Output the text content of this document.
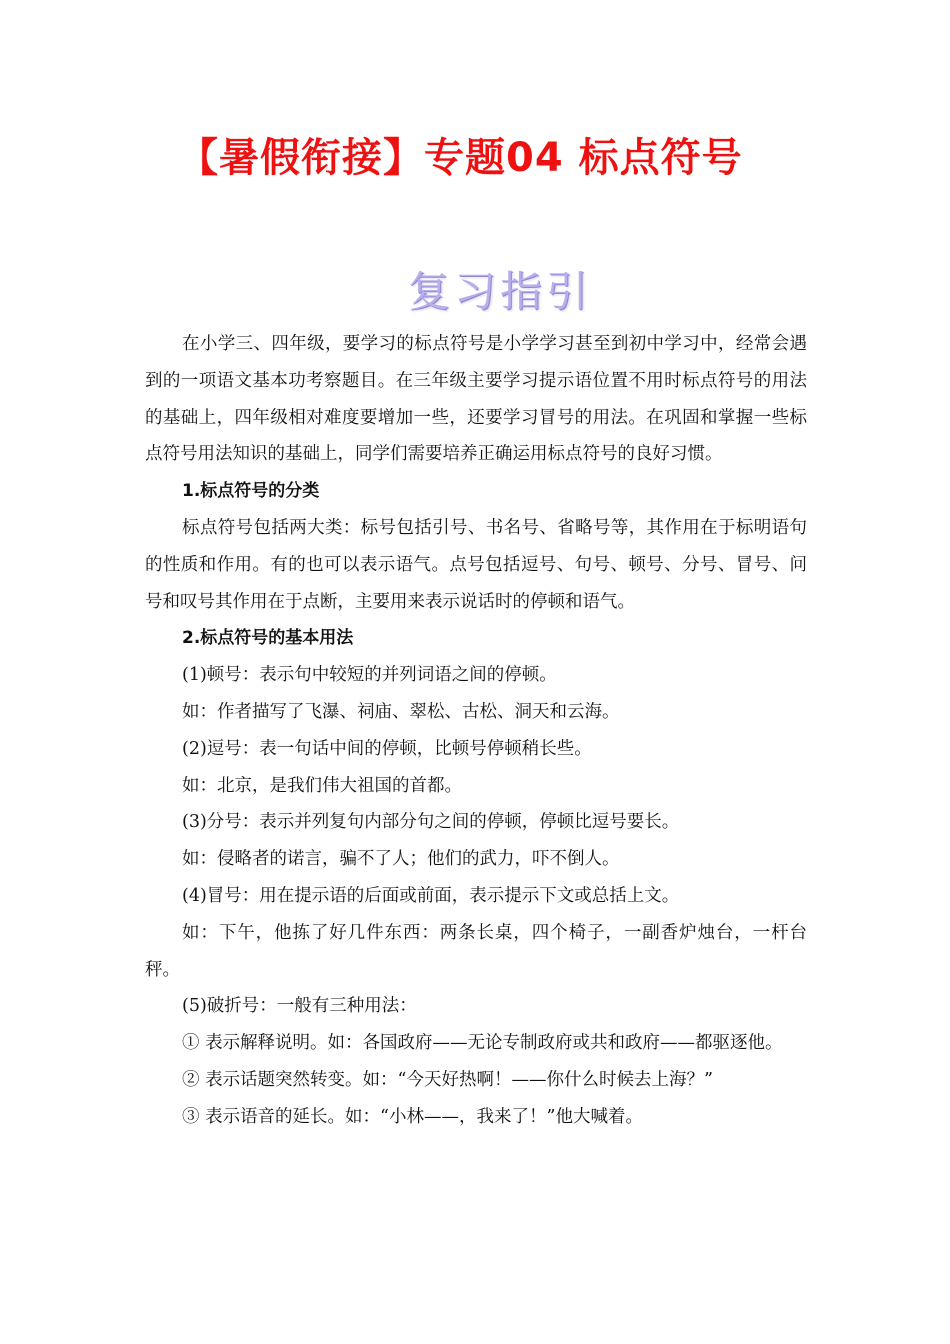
【暑假衔接】专题04 标点符号
复习指引

在小学三、四年级，要学习的标点符号是小学学习甚至到初中学习中，经常会遇到的一项语文基本功考察题目。在三年级主要学习提示语位置不用时标点符号的用法的基础上，四年级相对难度要增加一些，还要学习冒号的用法。在巩固和掌握一些标点符号用法知识的基础上，同学们需要培养正确运用标点符号的良好习惯。

1.标点符号的分类

标点符号包括两大类：标号包括引号、书名号、省略号等，其作用在于标明语句的性质和作用。有的也可以表示语气。点号包括逗号、句号、顿号、分号、冒号、问号和叹号其作用在于点断，主要用来表示说话时的停顿和语气。

2.标点符号的基本用法

(1)顿号：表示句中较短的并列词语之间的停顿。

如：作者描写了飞瀑、祠庙、翠松、古松、洞天和云海。

(2)逗号：表一句话中间的停顿，比顿号停顿稍长些。

如：北京，是我们伟大祖国的首都。

(3)分号：表示并列复句内部分句之间的停顿，停顿比逗号要长。

如：侵略者的诺言，骗不了人；他们的武力，吓不倒人。

(4)冒号：用在提示语的后面或前面，表示提示下文或总括上文。

如：下午，他拣了好几件东西：两条长桌，四个椅子，一副香炉烛台，一杆台秤。

(5)破折号：一般有三种用法：

① 表示解释说明。如：各国政府——无论专制政府或共和政府——都驱逐他。

② 表示话题突然转变。如：“今天好热啊！——你什么时候去上海？”

③ 表示语音的延长。如：“小林——，我来了！”他大喊着。
